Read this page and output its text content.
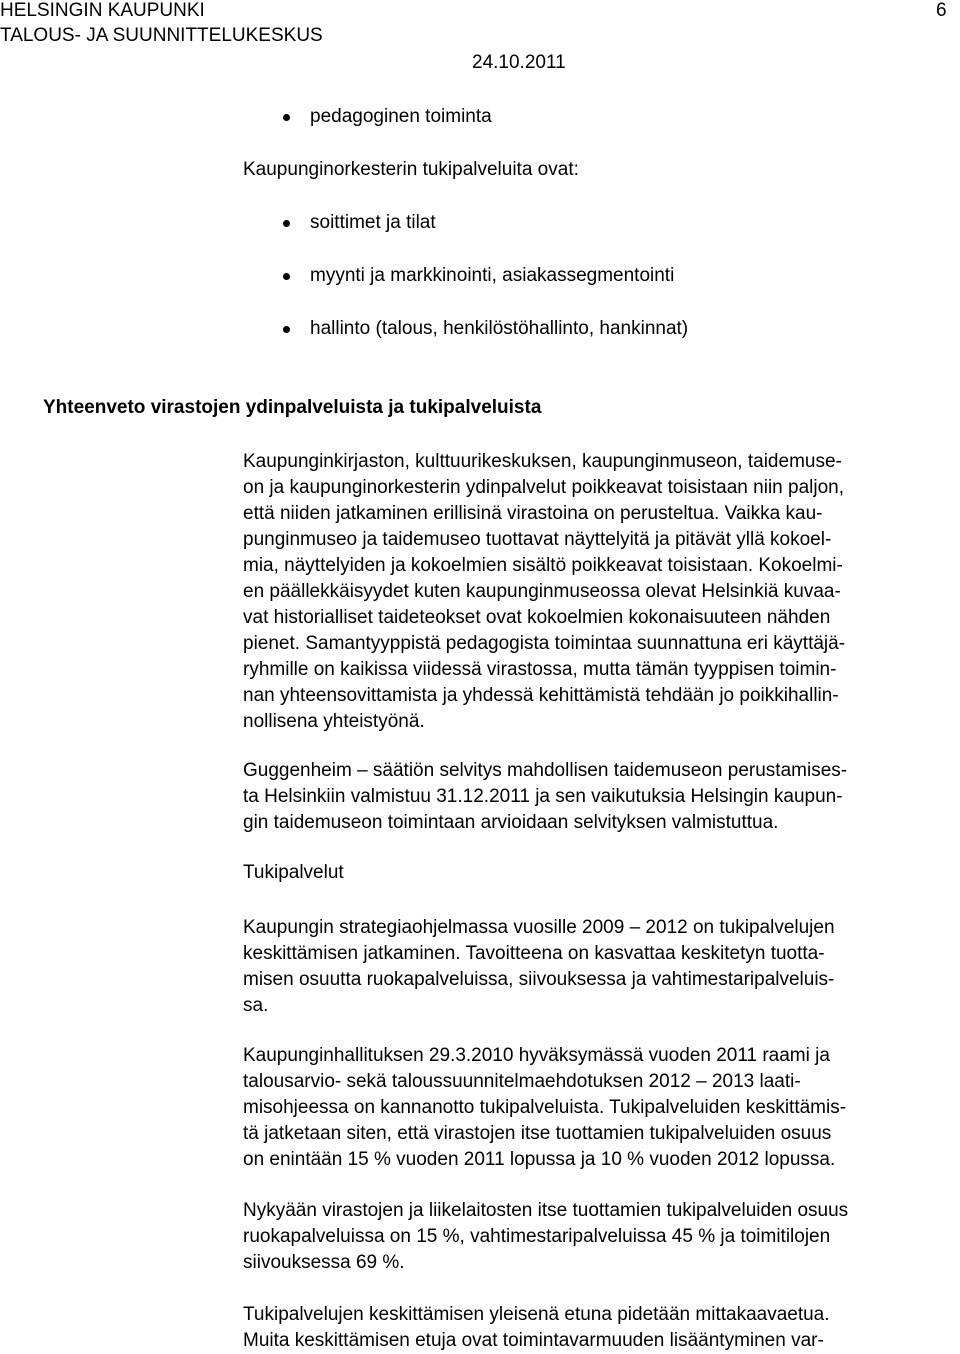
HELSINGIN KAUPUNKI
TALOUS- JA SUUNNITTELUKESKUS
24.10.2011
6
pedagoginen toiminta
Kaupunginorkesterin tukipalveluita ovat:
soittimet ja tilat
myynti ja markkinointi, asiakassegmentointi
hallinto (talous, henkilöstöhallinto, hankinnat)
Yhteenveto virastojen ydinpalveluista ja tukipalveluista
Kaupunginkirjaston, kulttuurikeskuksen, kaupunginmuseon, taidemuse-
on ja kaupunginorkesterin ydinpalvelut poikkeavat toisistaan niin paljon,
että niiden jatkaminen erillisinä virastoina on perusteltua. Vaikka kau-
punginmuseo ja taidemuseo tuottavat näyttelyitä ja pitävät yllä kokoel-
mia, näyttelyiden ja kokoelmien sisältö poikkeavat toisistaan. Kokoelmi-
en päällekkäisyydet kuten kaupunginmuseossa olevat Helsinkiä kuvaa-
vat historialliset taideteokset ovat kokoelmien kokonaisuuteen nähden
pienet. Samantyyppistä pedagogista toimintaa suunnattuna eri käyttäjä-
ryhmille on kaikissa viidessä virastossa, mutta tämän tyyppisen toimin-
nan yhteensovittamista ja yhdessä kehittämistä tehdään jo poikkihallin-
nollisena yhteistyönä.
Guggenheim – säätiön selvitys mahdollisen taidemuseon perustamises-
ta Helsinkiin valmistuu 31.12.2011 ja sen vaikutuksia Helsingin kaupun-
gin taidemuseon toimintaan arvioidaan selvityksen valmistuttua.
Tukipalvelut
Kaupungin strategiaohjelmassa vuosille 2009 – 2012 on tukipalvelujen
keskittämisen jatkaminen. Tavoitteena on kasvattaa keskitetyn tuotta-
misen osuutta ruokapalveluissa, siivouksessa ja vahtimestaripalveluis-
sa.
Kaupunginhallituksen 29.3.2010 hyväksymässä vuoden 2011 raami ja
talousarvio- sekä taloussuunnitelmaehdotuksen 2012 – 2013 laati-
misohjeessa on kannanotto tukipalveluista. Tukipalveluiden keskittämis-
tä jatketaan siten, että virastojen itse tuottamien tukipalveluiden osuus
on enintään 15 % vuoden 2011 lopussa ja 10 % vuoden 2012 lopussa.
Nykyään virastojen ja liikelaitosten itse tuottamien tukipalveluiden osuus
ruokapalveluissa on 15 %, vahtimestaripalveluissa 45 % ja toimitilojen
siivouksessa 69 %.
Tukipalvelujen keskittämisen yleisenä etuna pidetään mittakaavaetua.
Muita keskittämisen etuja ovat toimintavarmuuden lisääntyminen var-
